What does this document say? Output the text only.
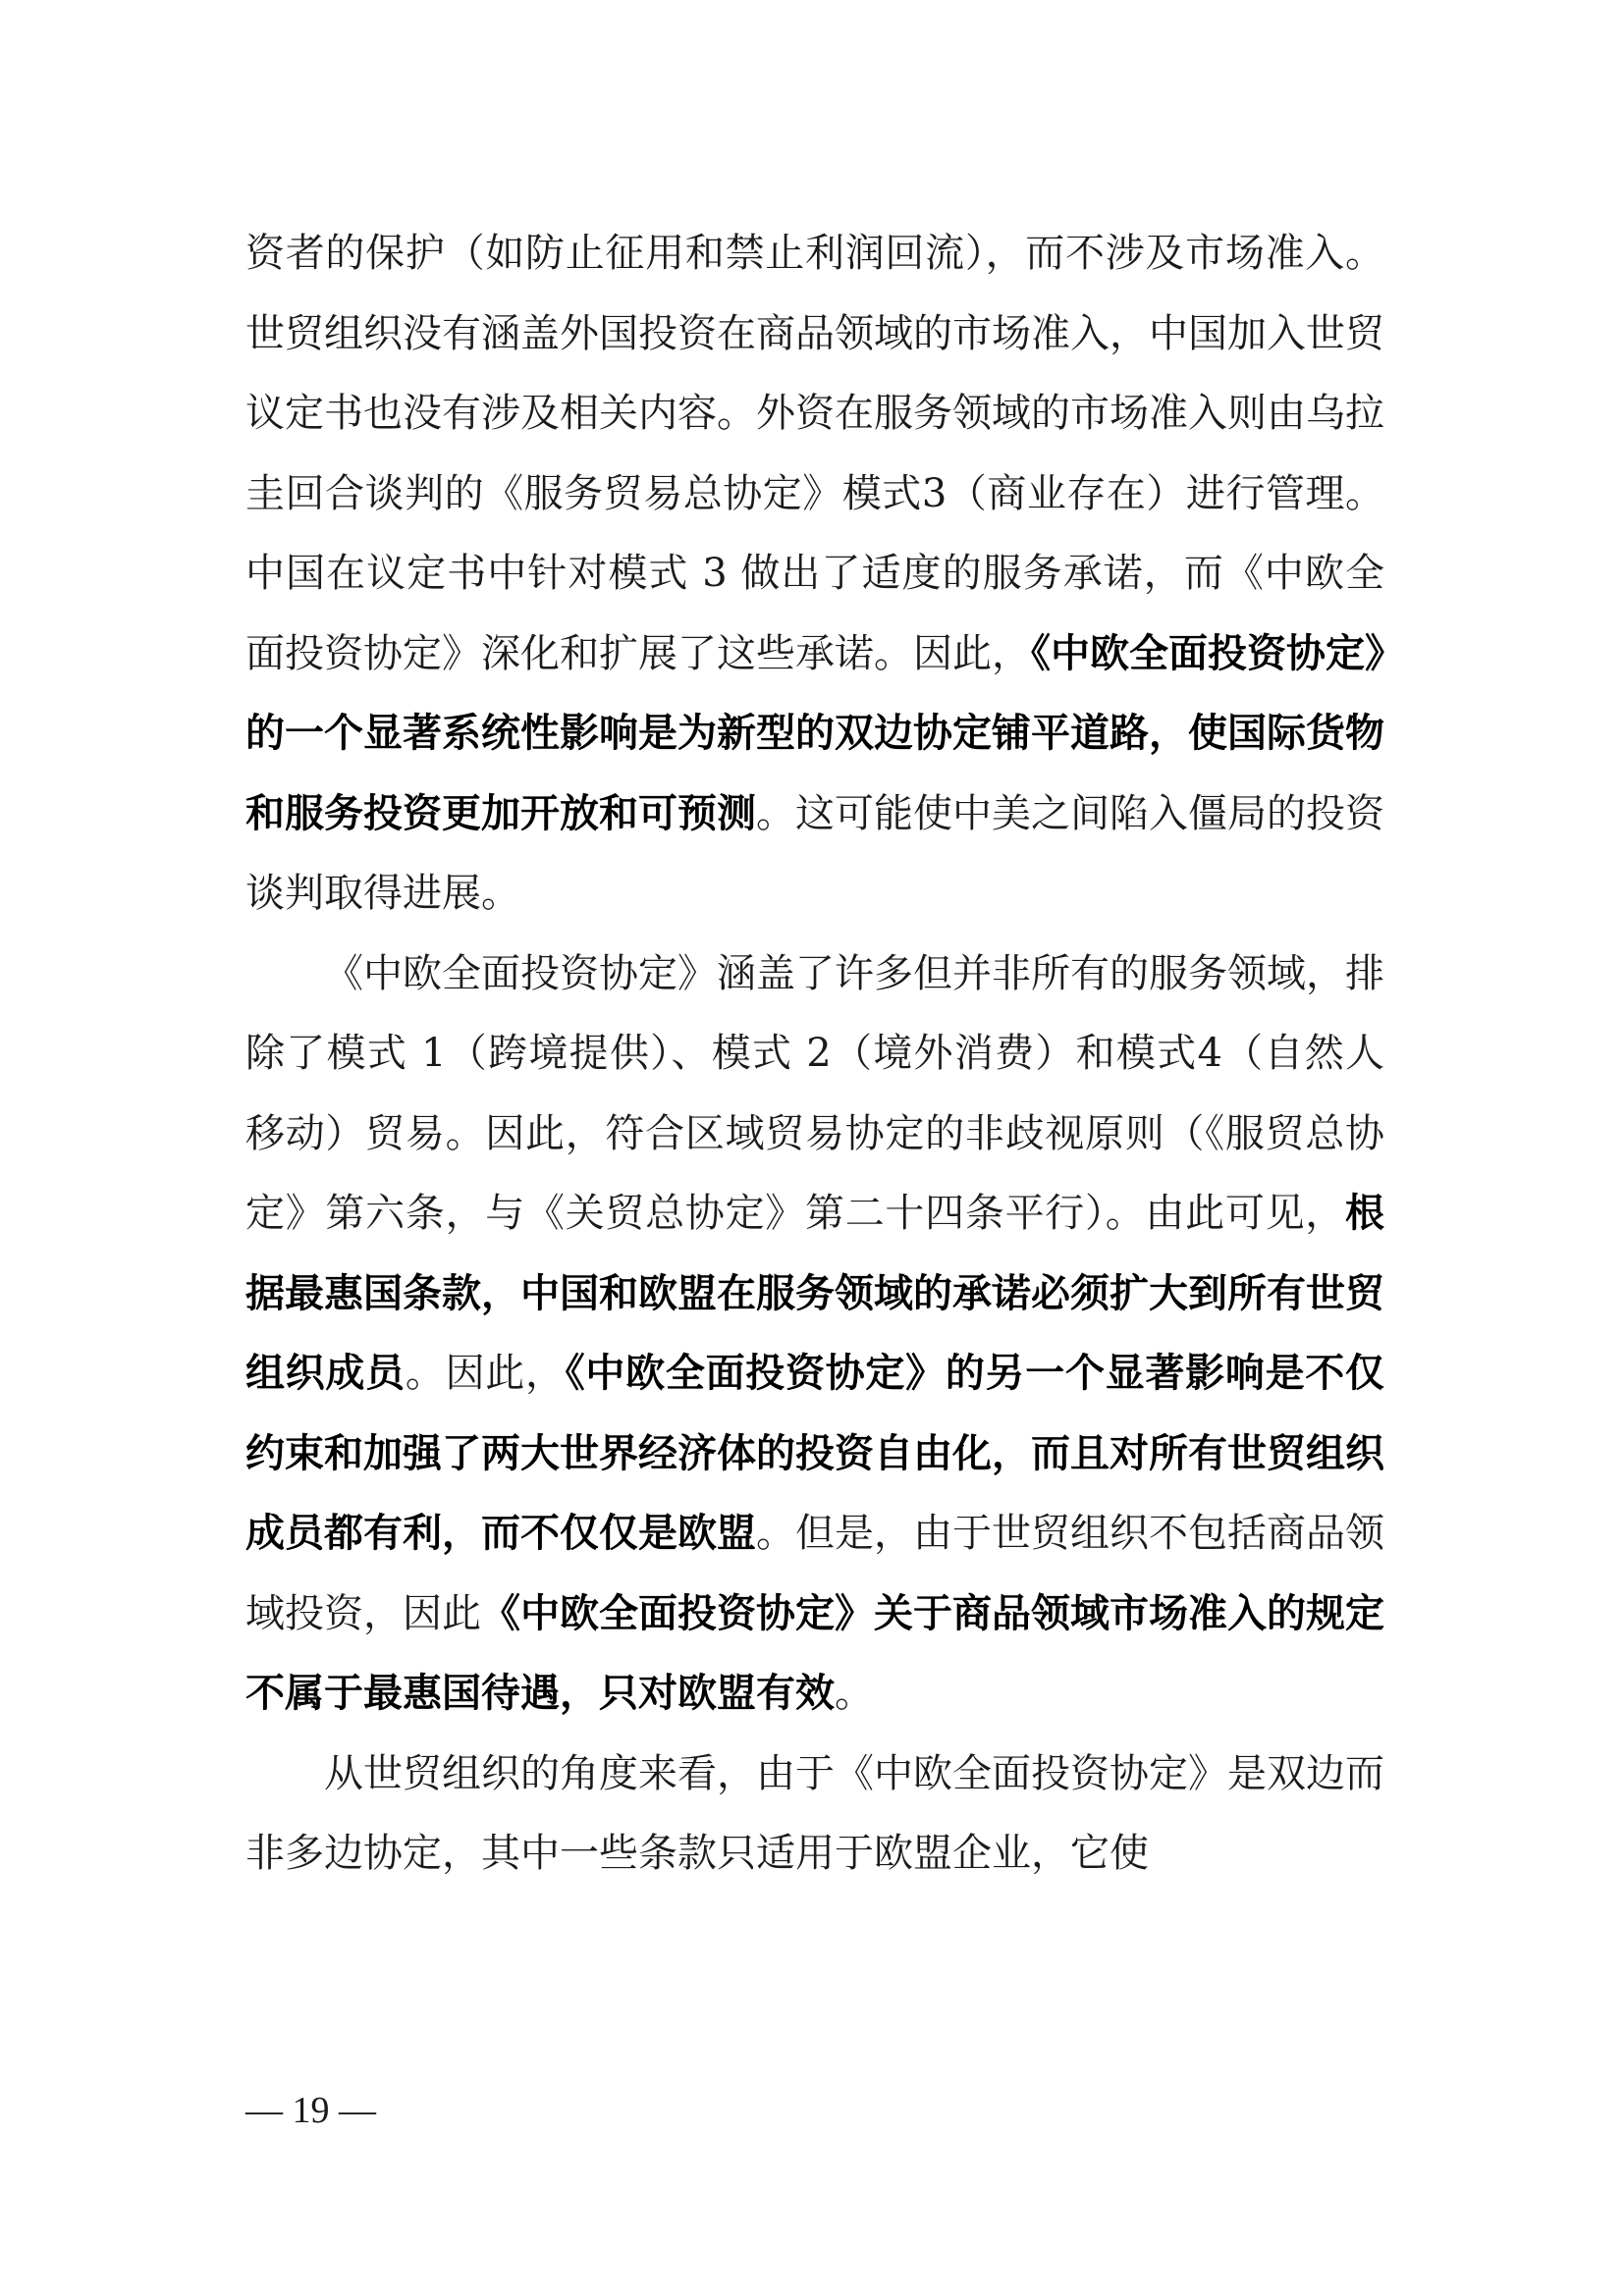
资者的保护（如防止征用和禁止利润回流），而不涉及市场准入。世贸组织没有涵盖外国投资在商品领域的市场准入，中国加入世贸议定书也没有涉及相关内容。外资在服务领域的市场准入则由乌拉圭回合谈判的《服务贸易总协定》模式3（商业存在）进行管理。中国在议定书中针对模式 3 做出了适度的服务承诺，而《中欧全面投资协定》深化和扩展了这些承诺。因此，《中欧全面投资协定》的一个显著系统性影响是为新型的双边协定铺平道路，使国际货物和服务投资更加开放和可预测。这可能使中美之间陷入僵局的投资谈判取得进展。

《中欧全面投资协定》涵盖了许多但并非所有的服务领域，排除了模式 1（跨境提供）、模式 2（境外消费）和模式4（自然人移动）贸易。因此，符合区域贸易协定的非歧视原则（《服贸总协定》第六条，与《关贸总协定》第二十四条平行）。由此可见，根据最惠国条款，中国和欧盟在服务领域的承诺必须扩大到所有世贸组织成员。因此，《中欧全面投资协定》的另一个显著影响是不仅约束和加强了两大世界经济体的投资自由化，而且对所有世贸组织成员都有利，而不仅仅是欧盟。但是，由于世贸组织不包括商品领域投资，因此《中欧全面投资协定》关于商品领域市场准入的规定不属于最惠国待遇，只对欧盟有效。

从世贸组织的角度来看，由于《中欧全面投资协定》是双边而非多边协定，其中一些条款只适用于欧盟企业，它使

— 19 —
